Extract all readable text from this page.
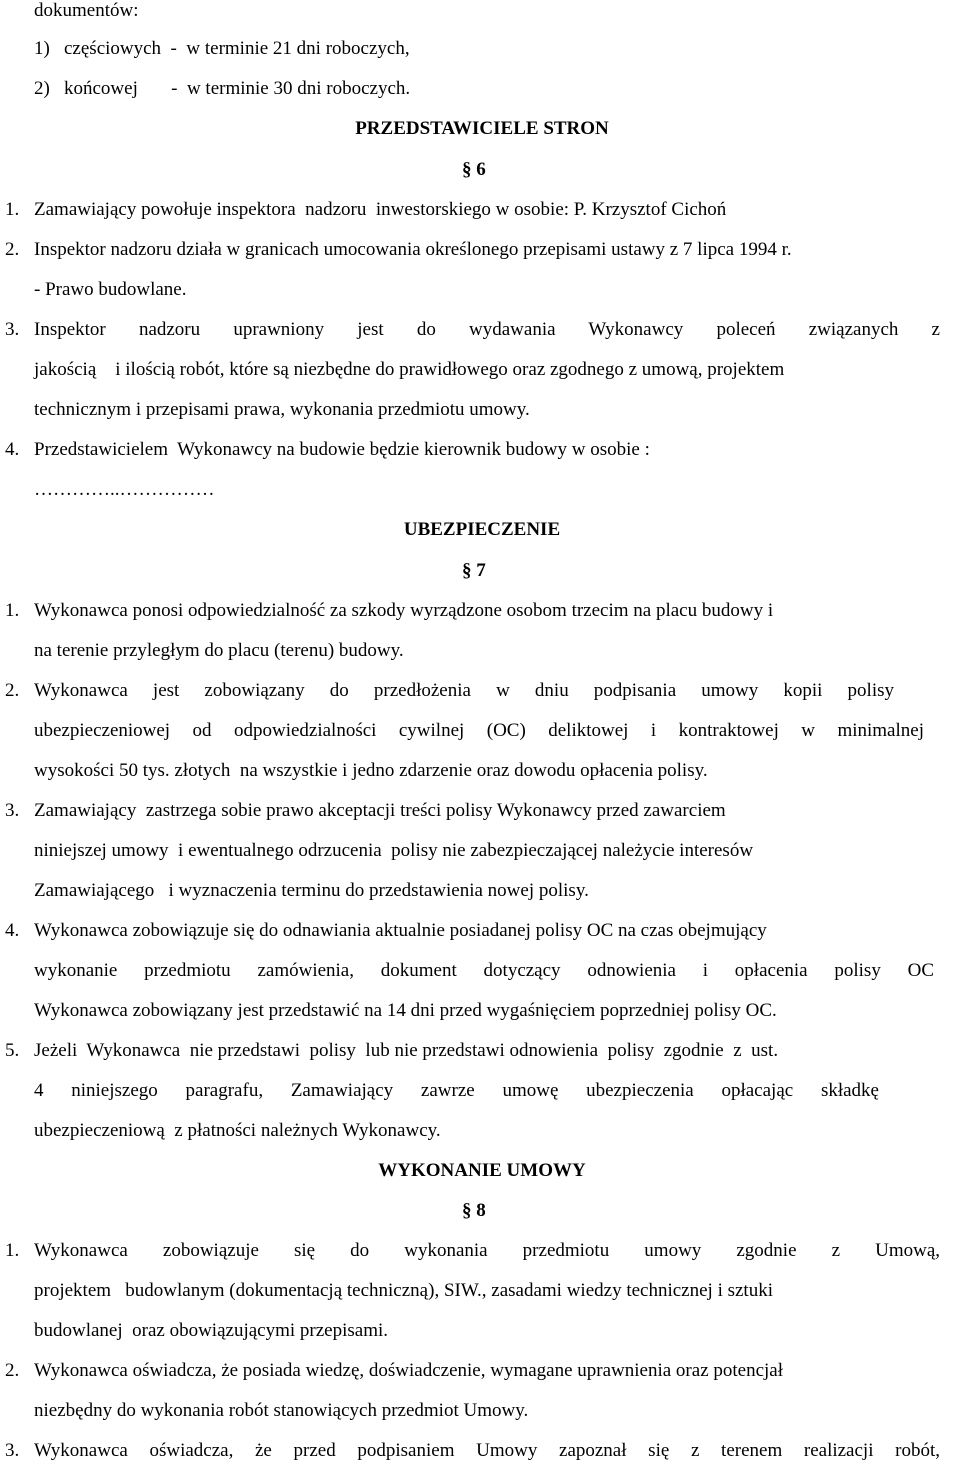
dokumentów:
1) częściowych  -  w terminie 21 dni roboczych,
2) końcowej       -  w terminie 30 dni roboczych.
PRZEDSTAWICIELE STRON
§ 6
1. Zamawiający powołuje inspektora  nadzoru  inwestorskiego w osobie: P. Krzysztof Cichoń
2. Inspektor nadzoru działa w granicach umocowania określonego przepisami ustawy z 7 lipca 1994 r.
- Prawo budowlane.
3. Inspektor nadzoru uprawniony jest do wydawania Wykonawcy poleceń związanych z
jakością    i ilością robót, które są niezbędne do prawidłowego oraz zgodnego z umową, projektem
technicznym i przepisami prawa, wykonania przedmiotu umowy.
4. Przedstawicielem  Wykonawcy na budowie będzie kierownik budowy w osobie :
…………..……………
UBEZPIECZENIE
§ 7
1. Wykonawca ponosi odpowiedzialność za szkody wyrządzone osobom trzecim na placu budowy i
na terenie przyległym do placu (terenu) budowy.
2. Wykonawca jest zobowiązany do przedłożenia w dniu podpisania umowy kopii polisy
ubezpieczeniowej od odpowiedzialności cywilnej (OC) deliktowej i kontraktowej w minimalnej
wysokości 50 tys. złotych  na wszystkie i jedno zdarzenie oraz dowodu opłacenia polisy.
3. Zamawiający  zastrzega sobie prawo akceptacji treści polisy Wykonawcy przed zawarciem
niniejszej umowy  i ewentualnego odrzucenia  polisy nie zabezpieczającej należycie interesów
Zamawiającego   i wyznaczenia terminu do przedstawienia nowej polisy.
4. Wykonawca zobowiązuje się do odnawiania aktualnie posiadanej polisy OC na czas obejmujący
wykonanie przedmiotu zamówienia, dokument dotyczący odnowienia i opłacenia polisy OC
Wykonawca zobowiązany jest przedstawić na 14 dni przed wygaśnięciem poprzedniej polisy OC.
5. Jeżeli  Wykonawca  nie przedstawi  polisy  lub nie przedstawi odnowienia  polisy  zgodnie  z  ust.
4 niniejszego paragrafu, Zamawiający zawrze umowę ubezpieczenia opłacając składkę
ubezpieczeniową  z płatności należnych Wykonawcy.
WYKONANIE UMOWY
§ 8
1. Wykonawca zobowiązuje się do wykonania przedmiotu umowy zgodnie z Umową,
projektem   budowlanym (dokumentacją techniczną), SIW., zasadami wiedzy technicznej i sztuki
budowlanej  oraz obowiązującymi przepisami.
2. Wykonawca oświadcza, że posiada wiedzę, doświadczenie, wymagane uprawnienia oraz potencjał
niezbędny do wykonania robót stanowiących przedmiot Umowy.
3. Wykonawca oświadcza, że przed podpisaniem Umowy zapoznał się z terenem realizacji robót,
